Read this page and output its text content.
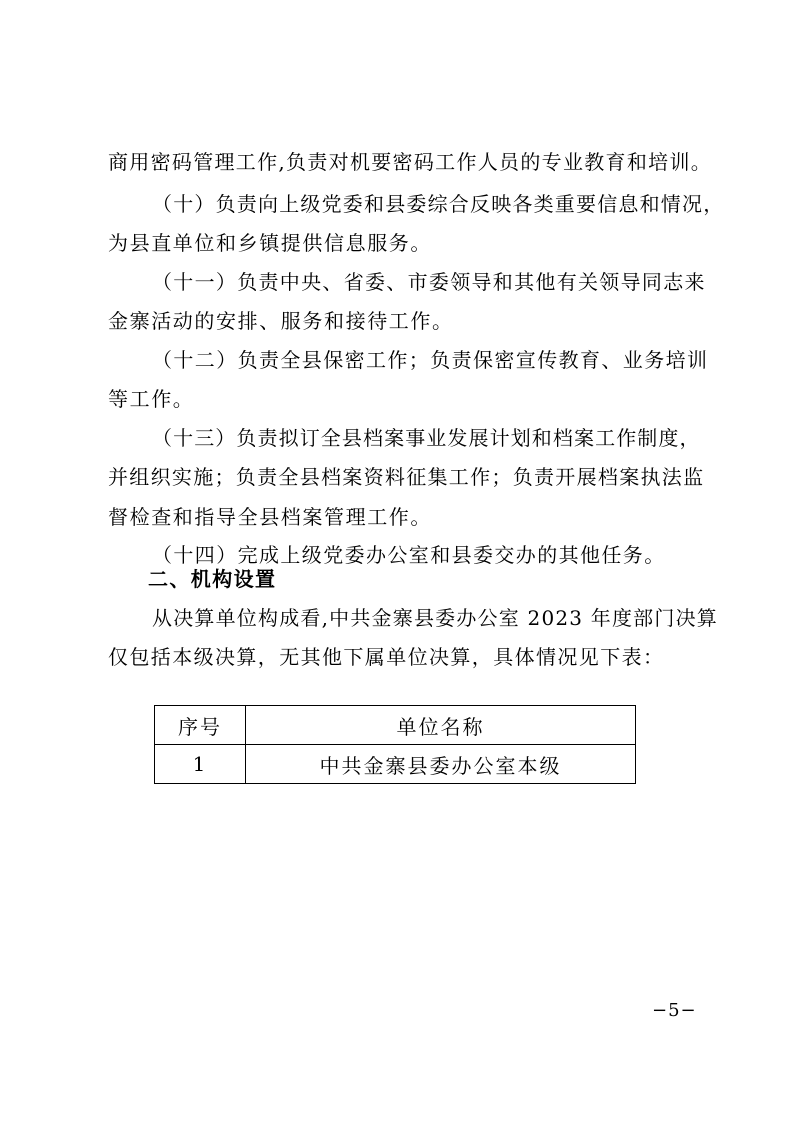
商用密码管理工作,负责对机要密码工作人员的专业教育和培训。
（十）负责向上级党委和县委综合反映各类重要信息和情况，
为县直单位和乡镇提供信息服务。
（十一）负责中央、省委、市委领导和其他有关领导同志来
金寨活动的安排、服务和接待工作。
（十二）负责全县保密工作；负责保密宣传教育、业务培训
等工作。
（十三）负责拟订全县档案事业发展计划和档案工作制度，
并组织实施；负责全县档案资料征集工作；负责开展档案执法监
督检查和指导全县档案管理工作。
（十四）完成上级党委办公室和县委交办的其他任务。
二、机构设置
从决算单位构成看,中共金寨县委办公室 2023 年度部门决算
仅包括本级决算，无其他下属单位决算，具体情况见下表：
序号	单位名称
1	中共金寨县委办公室本级
−5−
